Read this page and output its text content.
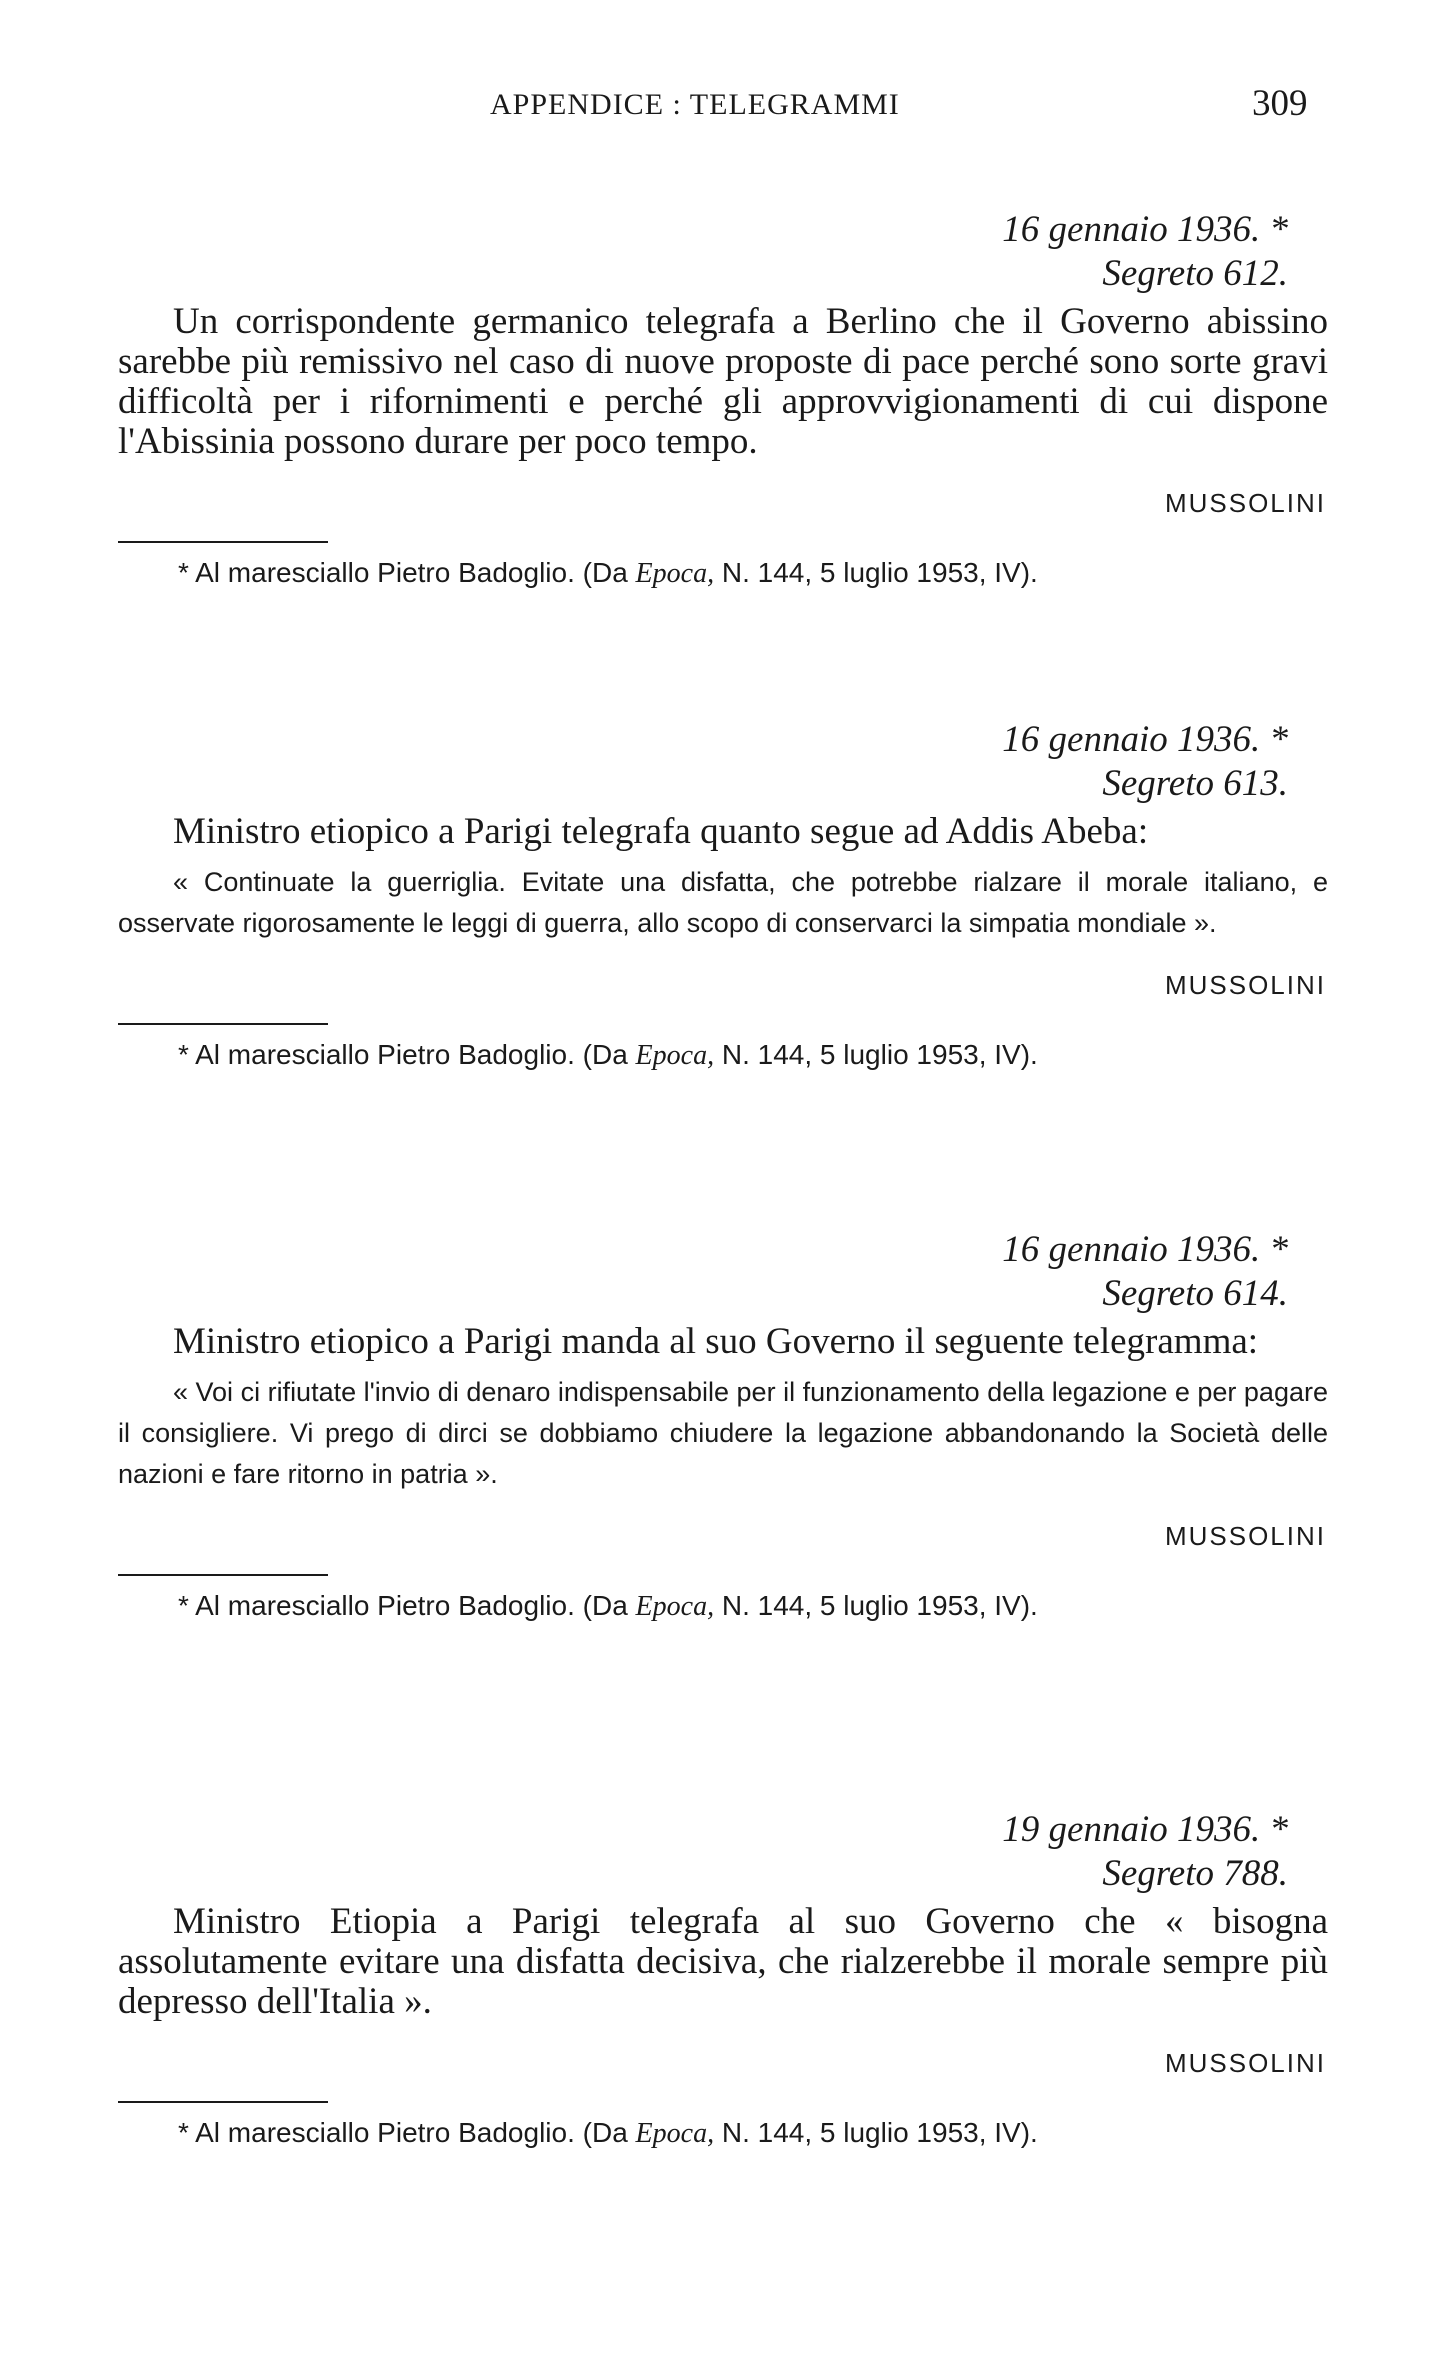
APPENDICE : TELEGRAMMI	309
16 gennaio 1936. *
Segreto 612.

Un corrispondente germanico telegrafa a Berlino che il Governo abissino sarebbe più remissivo nel caso di nuove proposte di pace perché sono sorte gravi difficoltà per i rifornimenti e perché gli approvvigionamenti di cui dispone l'Abissinia possono durare per poco tempo.

MUSSOLINI
* Al maresciallo Pietro Badoglio. (Da Epoca, N. 144, 5 luglio 1953, IV).
16 gennaio 1936. *
Segreto 613.

Ministro etiopico a Parigi telegrafa quanto segue ad Addis Abeba:

« Continuate la guerriglia. Evitate una disfatta, che potrebbe rialzare il morale italiano, e osservate rigorosamente le leggi di guerra, allo scopo di conservarci la simpatia mondiale ».

MUSSOLINI
* Al maresciallo Pietro Badoglio. (Da Epoca, N. 144, 5 luglio 1953, IV).
16 gennaio 1936. *
Segreto 614.

Ministro etiopico a Parigi manda al suo Governo il seguente telegramma:

« Voi ci rifiutate l'invio di denaro indispensabile per il funzionamento della legazione e per pagare il consigliere. Vi prego di dirci se dobbiamo chiudere la legazione abbandonando la Società delle nazioni e fare ritorno in patria ».

MUSSOLINI
* Al maresciallo Pietro Badoglio. (Da Epoca, N. 144, 5 luglio 1953, IV).
19 gennaio 1936. *
Segreto 788.

Ministro Etiopia a Parigi telegrafa al suo Governo che « bisogna assolutamente evitare una disfatta decisiva, che rialzerebbe il morale sempre più depresso dell'Italia ».

MUSSOLINI
* Al maresciallo Pietro Badoglio. (Da Epoca, N. 144, 5 luglio 1953, IV).
